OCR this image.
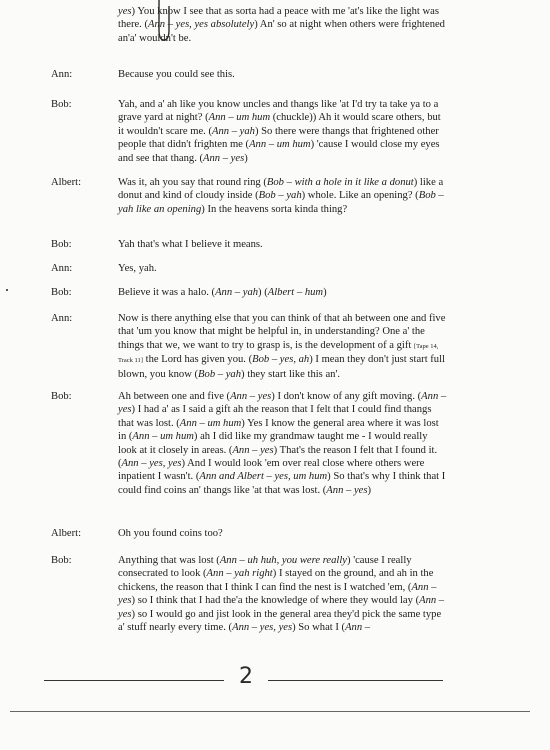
yes) You know I see that as sorta had a peace with me 'at's like the light was there. (Ann – yes, yes absolutely) An' so at night when others were frightened an'a' wouldn't be.

Ann:	Because you could see this.
Bob:	Yah, and a' ah like you know uncles and thangs like 'at I'd try ta take ya to a grave yard at night? (Ann – um hum (chuckle)) Ah it would scare others, but it wouldn't scare me. (Ann – yah) So there were thangs that frightened other people that didn't frighten me (Ann – um hum) 'cause I would close my eyes and see that thang. (Ann – yes)
Albert:	Was it, ah you say that round ring (Bob – with a hole in it like a donut) like a donut and kind of cloudy inside (Bob – yah) whole. Like an opening? (Bob – yah like an opening) In the heavens sorta kinda thing?
Bob:	Yah that's what I believe it means.
Ann:	Yes, yah.
Bob:	Believe it was a halo. (Ann – yah) (Albert – hum)
Ann:	Now is there anything else that you can think of that ah between one and five that 'um you know that might be helpful in, in understanding? One a' the things that we, we want to try to grasp is, is the development of a gift [Tape 14, Track 11] the Lord has given you. (Bob – yes, ah) I mean they don't just start full blown, you know (Bob – yah) they start like this an'.
Bob:	Ah between one and five (Ann – yes) I don't know of any gift moving. (Ann – yes) I had a' as I said a gift ah the reason that I felt that I could find thangs that was lost. (Ann – um hum) Yes I know the general area where it was lost in (Ann – um hum) ah I did like my grandmaw taught me - I would really look at it closely in areas. (Ann – yes) That's the reason I felt that I found it. (Ann – yes, yes) And I would look 'em over real close where others were inpatient I wasn't. (Ann and Albert – yes, um hum) So that's why I think that I could find coins an' thangs like 'at that was lost. (Ann – yes)
Albert:	Oh you found coins too?
Bob:	Anything that was lost (Ann – uh huh, you were really) 'cause I really consecrated to look (Ann – yah right) I stayed on the ground, and ah in the chickens, the reason that I think I can find the nest is I watched 'em, (Ann – yes) so I think that I had the'a the knowledge of where they would lay (Ann – yes) so I would go and jist look in the general area they'd pick the same type a' stuff nearly every time. (Ann – yes, yes) So what I (Ann –
2
